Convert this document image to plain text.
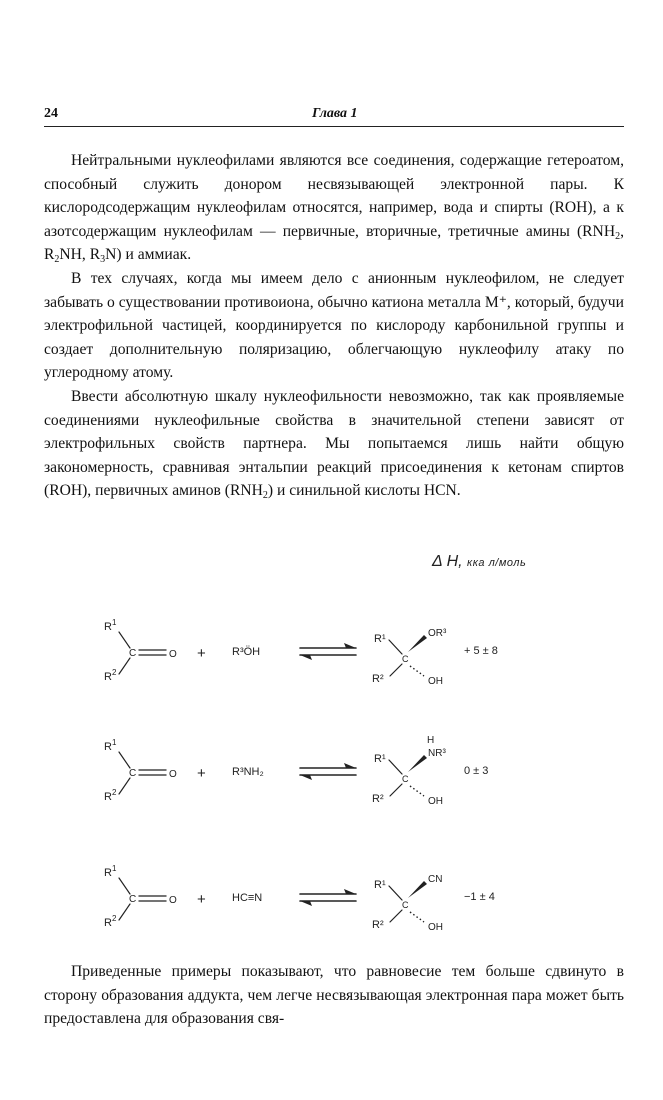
24	Глава 1

Нейтральными нуклеофилами являются все соединения, содержащие гетероатом, способный служить донором несвязывающей электронной пары. К кислородсодержащим нуклеофилам относятся, например, вода и спирты (ROH), а к азотсодержащим нуклеофилам — первичные, вторичные, третичные амины ($RNH_2$, $R_2NH$, $R_3N$) и аммиак.

В тех случаях, когда мы имеем дело с анионным нуклеофилом, не следует забывать о существовании противоиона, обычно катиона металла M⁺, который, будучи электрофильной частицей, координируется по кислороду карбонильной группы и создает дополнительную поляризацию, облегчающую нуклеофилу атаку по углеродному атому.

Ввести абсолютную шкалу нуклеофильности невозможно, так как проявляемые соединениями нуклеофильные свойства в значительной степени зависят от электрофильных свойств партнера. Мы попытаемся лишь найти общую закономерность, сравнивая энтальпии реакций присоединения к кетонам спиртов (ROH), первичных аминов $(RNH_2)$ и синильной кислоты HCN.

Δ H, кка л/моль
$R^1$
$R^2$
C	O + R³ÖH
R¹
R²
C
OR³
OH
+ 5 ± 8
$R^1$
$R^2$
C	O + R³NH₂
R¹
R²
C
NR³
OH
H
0 ± 3
$R^1$
$R^2$
C	O + HC≡N
R¹
R²
C
CN
OH
−1 ± 4

Приведенные примеры показывают, что равновесие тем больше сдвинуто в сторону образования аддукта, чем легче несвязывающая электронная пара может быть предоставлена для образования свя-
